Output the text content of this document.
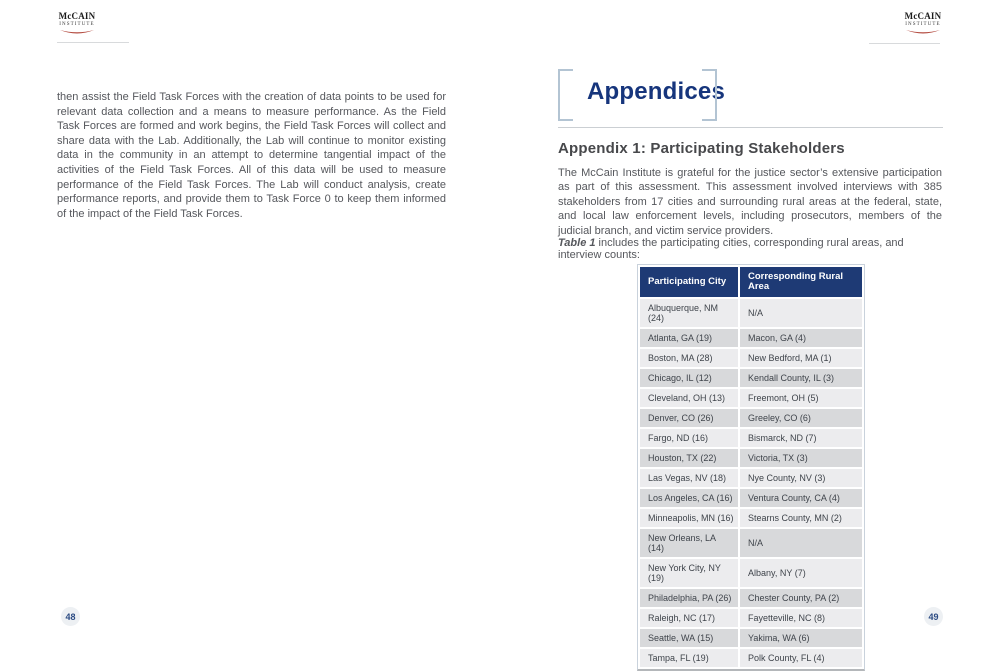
McCAIN
INSTITUTE
then assist the Field Task Forces with the creation of data points to be used for relevant data collection and a means to measure performance. As the Field Task Forces are formed and work begins, the Field Task Forces will collect and share data with the Lab. Additionally, the Lab will continue to monitor existing data in the community in an attempt to determine tangential impact of the activities of the Field Task Forces. All of this data will be used to measure performance of the Field Task Forces. The Lab will conduct analysis, create performance reports, and provide them to Task Force 0 to keep them informed of the impact of the Field Task Forces.
48
McCAIN
INSTITUTE
Appendices
Appendix 1: Participating Stakeholders
The McCain Institute is grateful for the justice sector’s extensive participation as part of this assessment. This assessment involved interviews with 385 stakeholders from 17 cities and surrounding rural areas at the federal, state, and local law enforcement levels, including prosecutors, members of the judicial branch, and victim service providers.
Table 1 includes the participating cities, corresponding rural areas, and interview counts:
Participating City	Corresponding Rural Area
Albuquerque, NM (24)	N/A
Atlanta, GA (19)	Macon, GA (4)
Boston, MA (28)	New Bedford, MA (1)
Chicago, IL (12)	Kendall County, IL (3)
Cleveland, OH (13)	Freemont, OH (5)
Denver, CO (26)	Greeley, CO (6)
Fargo, ND (16)	Bismarck, ND (7)
Houston, TX (22)	Victoria, TX (3)
Las Vegas, NV (18)	Nye County, NV (3)
Los Angeles, CA (16)	Ventura County, CA (4)
Minneapolis, MN (16)	Stearns County, MN (2)
New Orleans, LA (14)	N/A
New York City, NY (19)	Albany, NY (7)
Philadelphia, PA (26)	Chester County, PA (2)
Raleigh, NC (17)	Fayetteville, NC (8)
Seattle, WA (15)	Yakima, WA (6)
Tampa, FL (19)	Polk County, FL (4)
49
